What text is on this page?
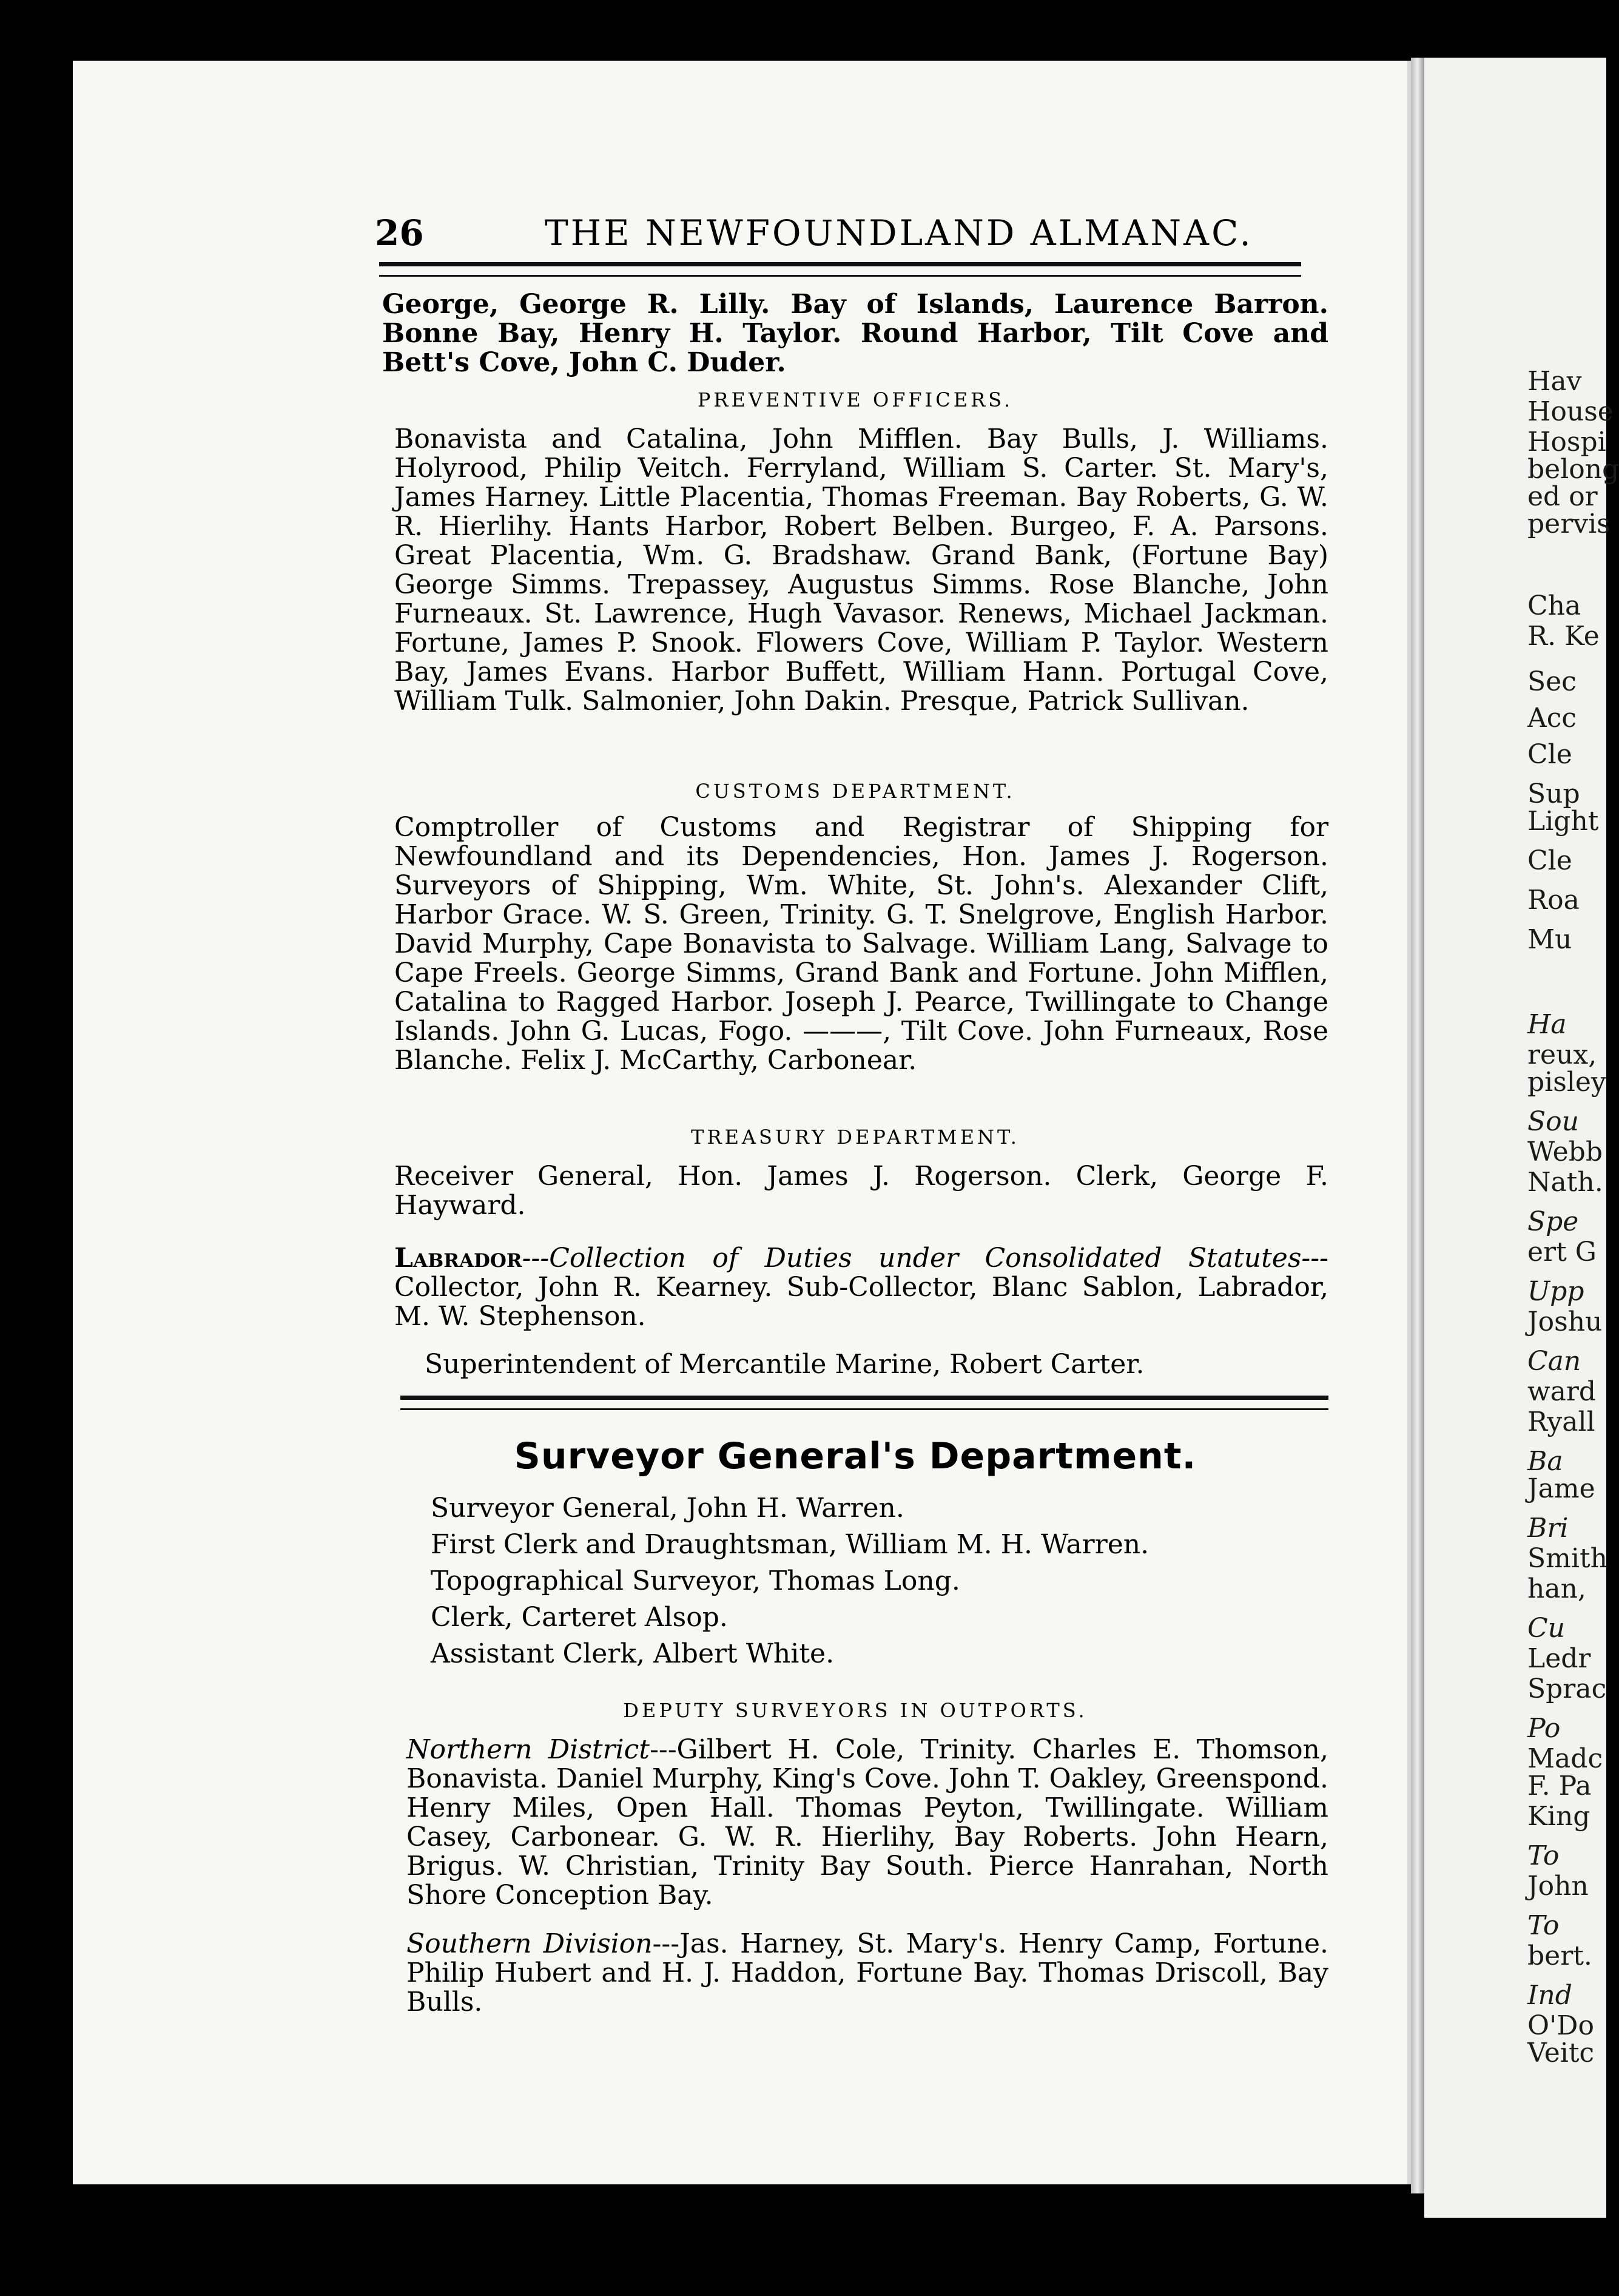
Hav
House
Hospi
belong
ed or
pervis
Cha
R. Ke
Sec
Acc
Cle
Sup
Light
Cle
Roa
Mu
Ha
reux,
pisley
Sou
Webb
Nath.
Spe
ert G
Upp
Joshu
Can
ward
Ryall
Ba
Jame
Bri
Smith
han,
Cu
Ledr
Sprac
Po
Madc
F. Pa
King
To
John
To
bert.
Ind
O'Do
Veitc
26	THE NEWFOUNDLAND ALMANAC.
George, George R. Lilly. Bay of Islands, Laurence Barron. Bonne Bay, Henry H. Taylor. Round Harbor, Tilt Cove and Bett's Cove, John C. Duder.
PREVENTIVE OFFICERS.
Bonavista and Catalina, John Mifflen. Bay Bulls, J. Williams. Holyrood, Philip Veitch. Ferryland, William S. Carter. St. Mary's, James Harney. Little Placentia, Thomas Freeman. Bay Roberts, G. W. R. Hierlihy. Hants Harbor, Robert Belben. Burgeo, F. A. Parsons. Great Placentia, Wm. G. Bradshaw. Grand Bank, (Fortune Bay) George Simms. Trepassey, Augustus Simms. Rose Blanche, John Furneaux. St. Lawrence, Hugh Vavasor. Renews, Michael Jackman. Fortune, James P. Snook. Flowers Cove, William P. Taylor. Western Bay, James Evans. Harbor Buffett, William Hann. Portugal Cove, William Tulk. Salmonier, John Dakin. Presque, Patrick Sullivan.
CUSTOMS DEPARTMENT.
Comptroller of Customs and Registrar of Shipping for Newfoundland and its Dependencies, Hon. James J. Rogerson. Surveyors of Shipping, Wm. White, St. John's. Alexander Clift, Harbor Grace. W. S. Green, Trinity. G. T. Snelgrove, English Harbor. David Murphy, Cape Bonavista to Salvage. William Lang, Salvage to Cape Freels. George Simms, Grand Bank and Fortune. John Mifflen, Catalina to Ragged Harbor. Joseph J. Pearce, Twillingate to Change Islands. John G. Lucas, Fogo. ———, Tilt Cove. John Furneaux, Rose Blanche. Felix J. McCarthy, Carbonear.
TREASURY DEPARTMENT.
Receiver General, Hon. James J. Rogerson. Clerk, George F. Hayward.
Labrador---Collection of Duties under Consolidated Statutes--- Collector, John R. Kearney. Sub-Collector, Blanc Sablon, Labrador, M. W. Stephenson.
Superintendent of Mercantile Marine, Robert Carter.
Surveyor General's Department.
Surveyor General, John H. Warren.
First Clerk and Draughtsman, William M. H. Warren.
Topographical Surveyor, Thomas Long.
Clerk, Carteret Alsop.
Assistant Clerk, Albert White.
DEPUTY SURVEYORS IN OUTPORTS.
Northern District---Gilbert H. Cole, Trinity. Charles E. Thomson, Bonavista. Daniel Murphy, King's Cove. John T. Oakley, Greenspond. Henry Miles, Open Hall. Thomas Peyton, Twillingate. William Casey, Carbonear. G. W. R. Hierlihy, Bay Roberts. John Hearn, Brigus. W. Christian, Trinity Bay South. Pierce Hanrahan, North Shore Conception Bay.
Southern Division---Jas. Harney, St. Mary's. Henry Camp, Fortune. Philip Hubert and H. J. Haddon, Fortune Bay. Thomas Driscoll, Bay Bulls.
